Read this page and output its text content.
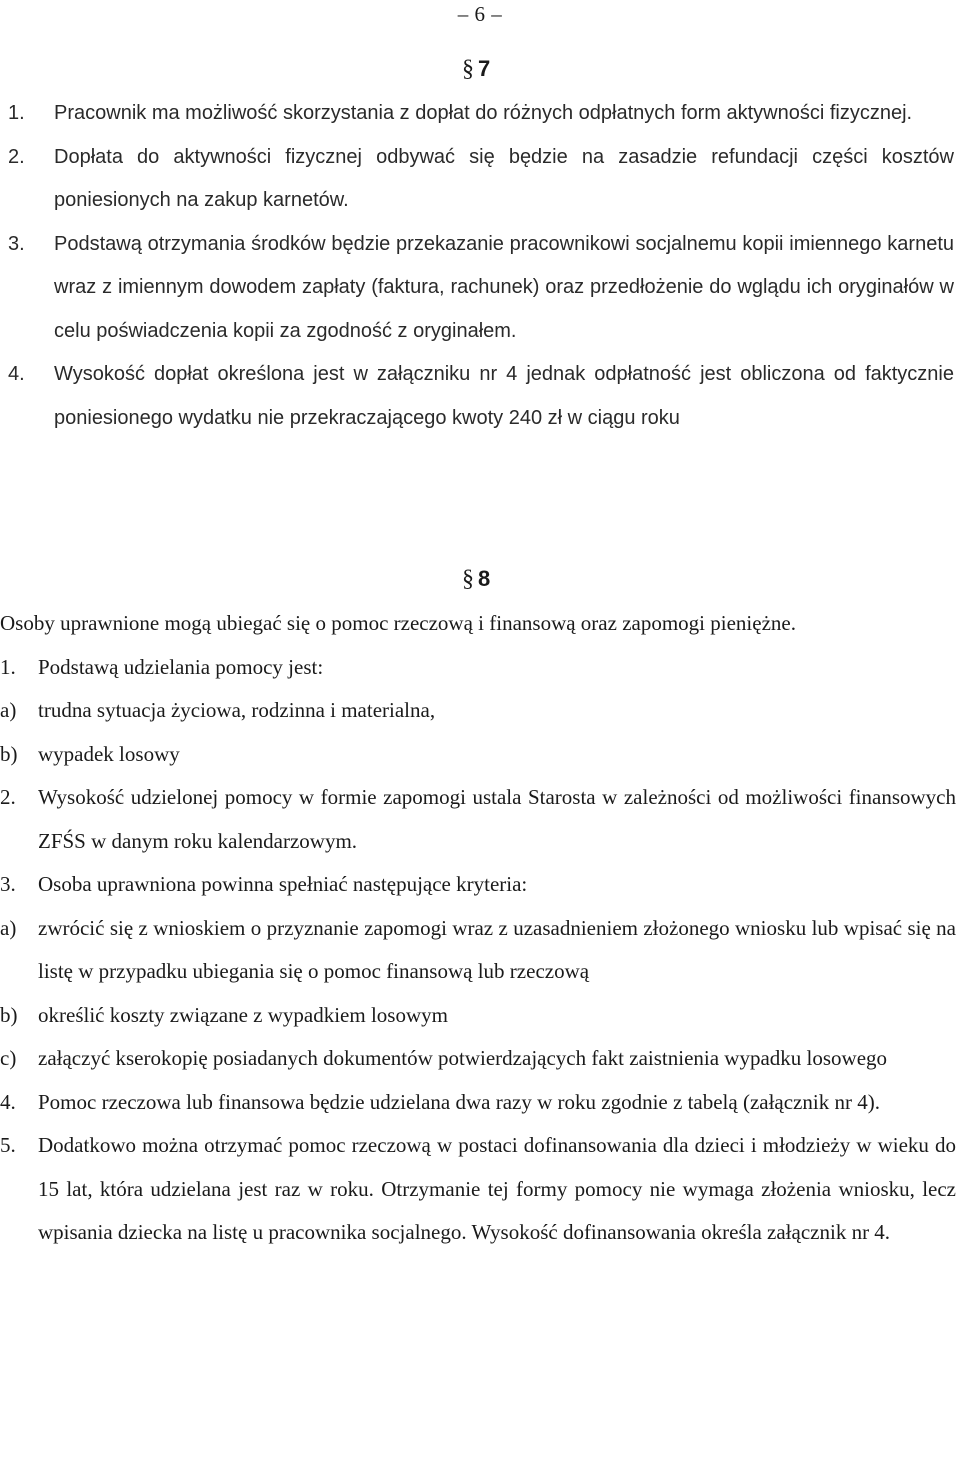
– 6 –
§ 7
1. Pracownik ma możliwość skorzystania z dopłat do różnych odpłatnych form aktywności fizycznej.
2. Dopłata do aktywności fizycznej odbywać się będzie na zasadzie refundacji części kosztów poniesionych na zakup karnetów.
3. Podstawą otrzymania środków będzie przekazanie pracownikowi socjalnemu kopii imiennego karnetu wraz z imiennym dowodem zapłaty (faktura, rachunek) oraz przedłożenie do wglądu ich oryginałów w celu poświadczenia kopii za zgodność z oryginałem.
4. Wysokość dopłat określona jest w załączniku nr 4 jednak odpłatność jest obliczona od faktycznie poniesionego wydatku nie przekraczającego kwoty 240 zł w ciągu roku
§ 8
Osoby uprawnione mogą ubiegać się o pomoc rzeczową i finansową oraz zapomogi pieniężne.
1. Podstawą udzielania pomocy jest:
a) trudna sytuacja życiowa, rodzinna i materialna,
b) wypadek losowy
2. Wysokość udzielonej pomocy w formie zapomogi ustala Starosta w zależności od możliwości finansowych ZFŚS w danym roku kalendarzowym.
3. Osoba uprawniona powinna spełniać następujące kryteria:
a) zwrócić się z wnioskiem o przyznanie zapomogi wraz z uzasadnieniem złożonego wniosku lub wpisać się na listę w przypadku ubiegania się o pomoc finansową lub rzeczową
b) określić koszty związane z wypadkiem losowym
c) załączyć kserokopię posiadanych dokumentów potwierdzających fakt zaistnienia wypadku losowego
4. Pomoc rzeczowa lub finansowa będzie udzielana dwa razy w roku zgodnie z tabelą (załącznik nr 4).
5. Dodatkowo można otrzymać pomoc rzeczową w postaci dofinansowania dla dzieci i młodzieży w wieku do 15 lat, która udzielana jest raz w roku. Otrzymanie tej formy pomocy nie wymaga złożenia wniosku, lecz wpisania dziecka na listę u pracownika socjalnego. Wysokość dofinansowania określa załącznik nr 4.
